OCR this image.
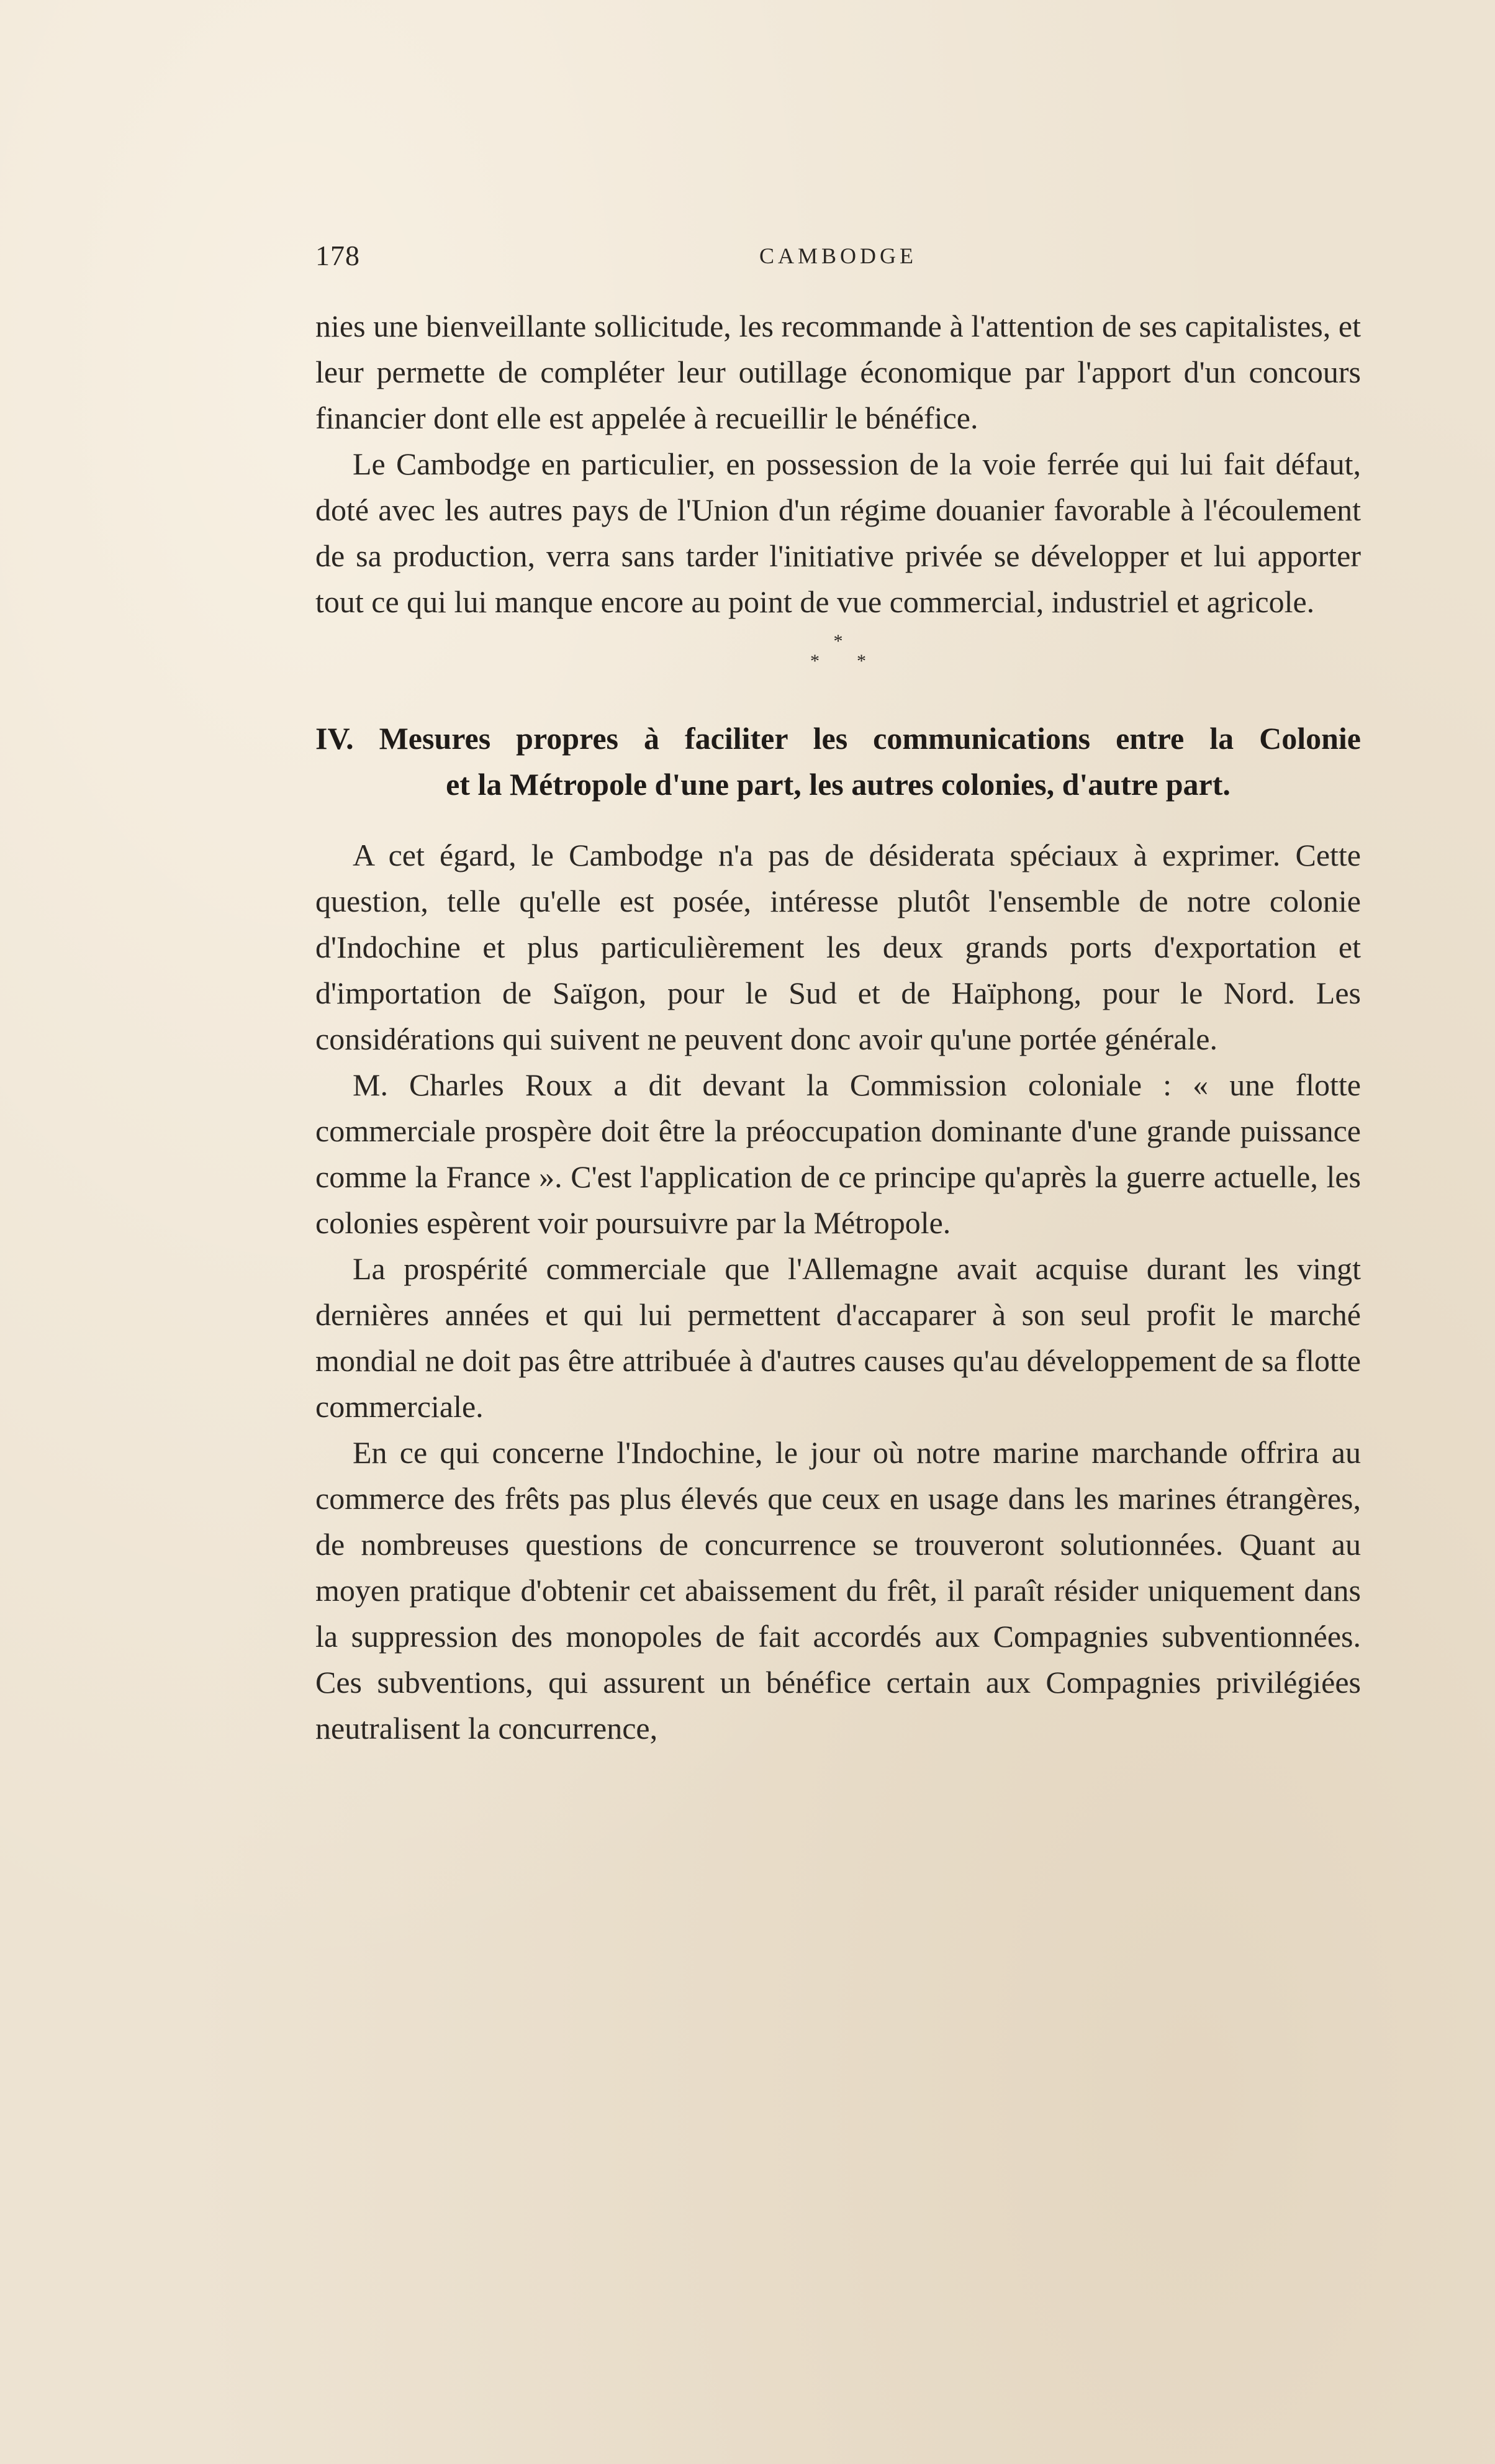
178	CAMBODGE

nies une bienveillante sollicitude, les recommande à l'attention de ses capitalistes, et leur permette de compléter leur outillage économique par l'apport d'un concours financier dont elle est appelée à recueillir le bénéfice.

Le Cambodge en particulier, en possession de la voie ferrée qui lui fait défaut, doté avec les autres pays de l'Union d'un régime douanier favorable à l'écoulement de sa production, verra sans tarder l'initiative privée se développer et lui apporter tout ce qui lui manque encore au point de vue commercial, industriel et agricole.

*
**
IV. Mesures propres à faciliter les communications entre la Colonie
et la Métropole d'une part, les autres colonies, d'autre part.

A cet égard, le Cambodge n'a pas de désiderata spéciaux à exprimer. Cette question, telle qu'elle est posée, intéresse plutôt l'ensemble de notre colonie d'Indochine et plus particulièrement les deux grands ports d'exportation et d'importation de Saïgon, pour le Sud et de Haïphong, pour le Nord. Les considérations qui suivent ne peuvent donc avoir qu'une portée générale.

M. Charles Roux a dit devant la Commission coloniale : « une flotte commerciale prospère doit être la préoccupation dominante d'une grande puissance comme la France ». C'est l'application de ce principe qu'après la guerre actuelle, les colonies espèrent voir poursuivre par la Métropole.

La prospérité commerciale que l'Allemagne avait acquise durant les vingt dernières années et qui lui permettent d'accaparer à son seul profit le marché mondial ne doit pas être attribuée à d'autres causes qu'au développement de sa flotte commerciale.

En ce qui concerne l'Indochine, le jour où notre marine marchande offrira au commerce des frêts pas plus élevés que ceux en usage dans les marines étrangères, de nombreuses questions de concurrence se trouveront solutionnées. Quant au moyen pratique d'obtenir cet abaissement du frêt, il paraît résider uniquement dans la suppression des monopoles de fait accordés aux Compagnies subventionnées. Ces subventions, qui assurent un bénéfice certain aux Compagnies privilégiées neutralisent la concurrence,
